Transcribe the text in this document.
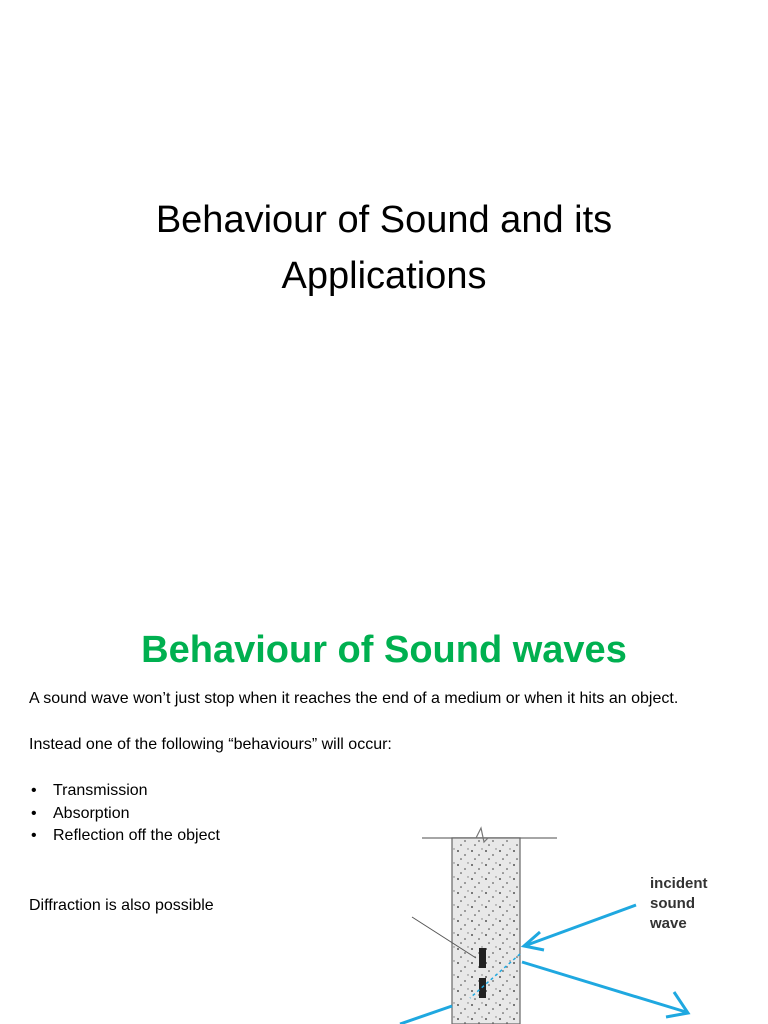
Behaviour of Sound and its
Applications
Behaviour of Sound waves
A sound wave won’t just stop when it reaches the end of a medium or when it hits an object.
Instead one of the following “behaviours” will occur:
• Transmission
• Absorption
• Reflection off the object
Diffraction is also possible
incident sound wave
